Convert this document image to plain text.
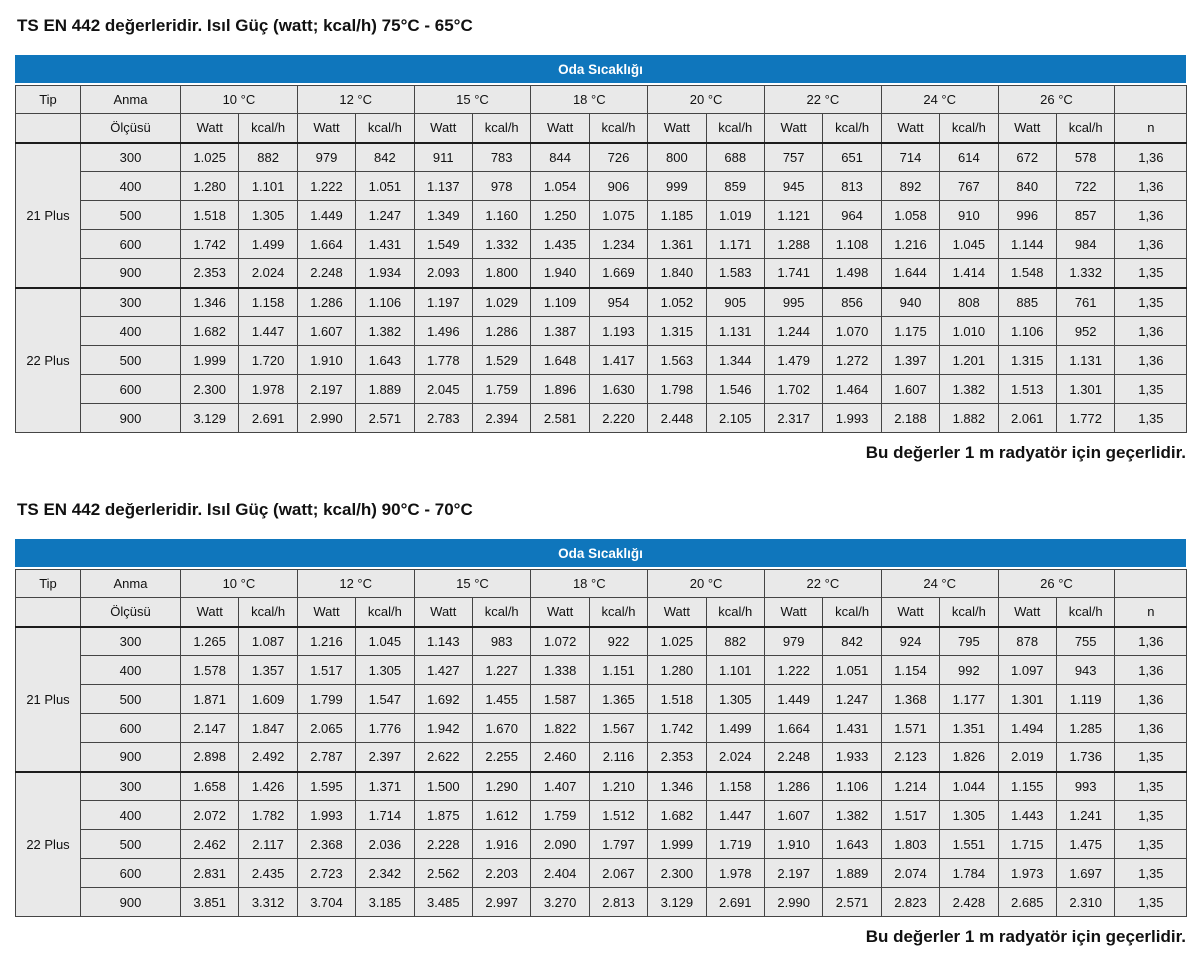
TS EN 442 değerleridir. Isıl Güç (watt; kcal/h) 75°C - 65°C
Oda Sıcaklığı
Tip	Anma	10 °C		12 °C		15 °C		18 °C		20 °C		22 °C		24 °C		26 °C		
	Ölçüsü	Watt	kcal/h	Watt	kcal/h	Watt	kcal/h	Watt	kcal/h	Watt	kcal/h	Watt	kcal/h	Watt	kcal/h	Watt	kcal/h	n
21 Plus	300	1.025	882	979	842	911	783	844	726	800	688	757	651	714	614	672	578	1,36
	400	1.280	1.101	1.222	1.051	1.137	978	1.054	906	999	859	945	813	892	767	840	722	1,36
	500	1.518	1.305	1.449	1.247	1.349	1.160	1.250	1.075	1.185	1.019	1.121	964	1.058	910	996	857	1,36
	600	1.742	1.499	1.664	1.431	1.549	1.332	1.435	1.234	1.361	1.171	1.288	1.108	1.216	1.045	1.144	984	1,36
	900	2.353	2.024	2.248	1.934	2.093	1.800	1.940	1.669	1.840	1.583	1.741	1.498	1.644	1.414	1.548	1.332	1,35
22 Plus	300	1.346	1.158	1.286	1.106	1.197	1.029	1.109	954	1.052	905	995	856	940	808	885	761	1,35
	400	1.682	1.447	1.607	1.382	1.496	1.286	1.387	1.193	1.315	1.131	1.244	1.070	1.175	1.010	1.106	952	1,36
	500	1.999	1.720	1.910	1.643	1.778	1.529	1.648	1.417	1.563	1.344	1.479	1.272	1.397	1.201	1.315	1.131	1,36
	600	2.300	1.978	2.197	1.889	2.045	1.759	1.896	1.630	1.798	1.546	1.702	1.464	1.607	1.382	1.513	1.301	1,35
	900	3.129	2.691	2.990	2.571	2.783	2.394	2.581	2.220	2.448	2.105	2.317	1.993	2.188	1.882	2.061	1.772	1,35
Bu değerler 1 m radyatör için geçerlidir.
TS EN 442 değerleridir. Isıl Güç (watt; kcal/h) 90°C - 70°C
Oda Sıcaklığı
Tip	Anma	10 °C		12 °C		15 °C		18 °C		20 °C		22 °C		24 °C		26 °C		
	Ölçüsü	Watt	kcal/h	Watt	kcal/h	Watt	kcal/h	Watt	kcal/h	Watt	kcal/h	Watt	kcal/h	Watt	kcal/h	Watt	kcal/h	n
21 Plus	300	1.265	1.087	1.216	1.045	1.143	983	1.072	922	1.025	882	979	842	924	795	878	755	1,36
	400	1.578	1.357	1.517	1.305	1.427	1.227	1.338	1.151	1.280	1.101	1.222	1.051	1.154	992	1.097	943	1,36
	500	1.871	1.609	1.799	1.547	1.692	1.455	1.587	1.365	1.518	1.305	1.449	1.247	1.368	1.177	1.301	1.119	1,36
	600	2.147	1.847	2.065	1.776	1.942	1.670	1.822	1.567	1.742	1.499	1.664	1.431	1.571	1.351	1.494	1.285	1,36
	900	2.898	2.492	2.787	2.397	2.622	2.255	2.460	2.116	2.353	2.024	2.248	1.933	2.123	1.826	2.019	1.736	1,35
22 Plus	300	1.658	1.426	1.595	1.371	1.500	1.290	1.407	1.210	1.346	1.158	1.286	1.106	1.214	1.044	1.155	993	1,35
	400	2.072	1.782	1.993	1.714	1.875	1.612	1.759	1.512	1.682	1.447	1.607	1.382	1.517	1.305	1.443	1.241	1,35
	500	2.462	2.117	2.368	2.036	2.228	1.916	2.090	1.797	1.999	1.719	1.910	1.643	1.803	1.551	1.715	1.475	1,35
	600	2.831	2.435	2.723	2.342	2.562	2.203	2.404	2.067	2.300	1.978	2.197	1.889	2.074	1.784	1.973	1.697	1,35
	900	3.851	3.312	3.704	3.185	3.485	2.997	3.270	2.813	3.129	2.691	2.990	2.571	2.823	2.428	2.685	2.310	1,35
Bu değerler 1 m radyatör için geçerlidir.
